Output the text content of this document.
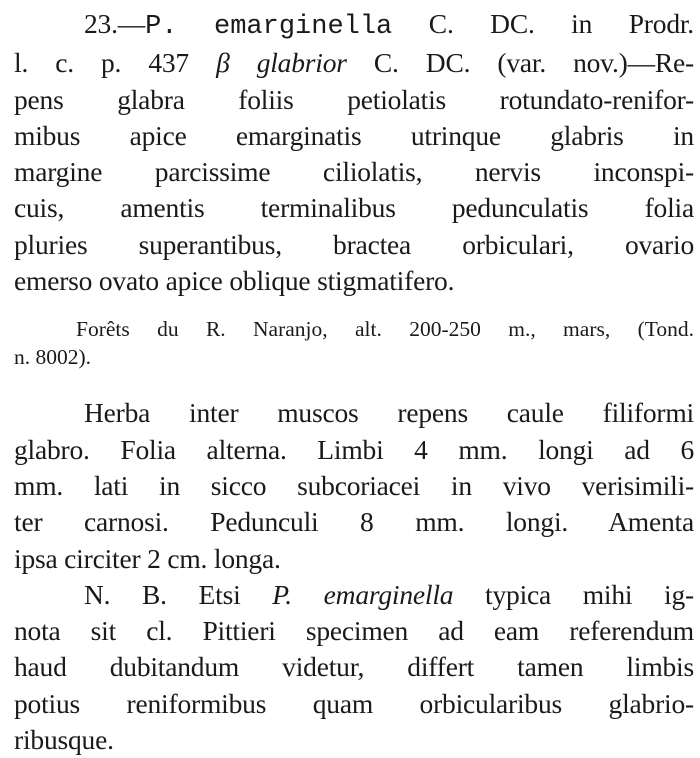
23.—P. emarginella C. DC. in Prodr.
l. c. p. 437 β glabrior C. DC. (var. nov.)—Re-
pens glabra foliis petiolatis rotundato-renifor-
mibus apice emarginatis utrinque glabris in
margine parcissime ciliolatis, nervis inconspi-
cuis, amentis terminalibus pedunculatis folia
pluries superantibus, bractea orbiculari, ovario
emerso ovato apice oblique stigmatifero.
Forêts du R. Naranjo, alt. 200-250 m., mars, (Tond.
n. 8002).
Herba inter muscos repens caule filiformi
glabro. Folia alterna. Limbi 4 mm. longi ad 6
mm. lati in sicco subcoriacei in vivo verisimili-
ter carnosi. Pedunculi 8 mm. longi. Amenta
ipsa circiter 2 cm. longa.
N. B. Etsi P. emarginella typica mihi ig-
nota sit cl. Pittieri specimen ad eam referendum
haud dubitandum videtur, differt tamen limbis
potius reniformibus quam orbicularibus glabrio-
ribusque.
